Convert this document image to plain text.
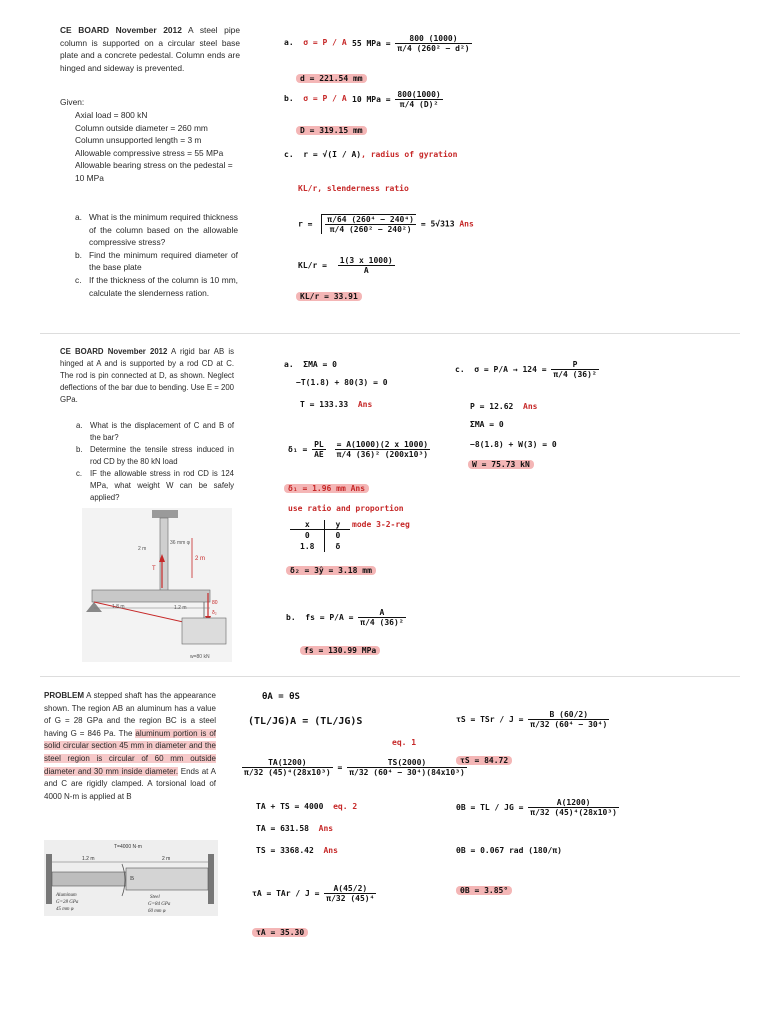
CE BOARD November 2012 A steel pipe column is supported on a circular steel base plate and a concrete pedestal. Column ends are hinged and sideway is prevented.
Given:
Axial load = 800 kN
Column outside diameter = 260 mm
Column unsupported length = 3 m
Allowable compressive stress = 55 MPa
Allowable bearing stress on the pedestal = 10 MPa
a. What is the minimum required thickness of the column based on the allowable compressive stress?
b. Find the minimum required diameter of the base plate
c. If the thickness of the column is 10 mm, calculate the slenderness ration.
a. σ = P / A 55 MPa = $\frac{800 (1000)}{\text{π/4 (260² − d²)}}$
d = 221.54 mm
b. σ = P / A 10 MPa = $\frac{800(1000)}{\text{π/4 (D)²}}$
D = 319.15 mm
c. r = √(I / A), radius of gyration
KL/r, slenderness ratio
$r = \frac{\text{π/64 (260⁴ − 240⁴)}}{\text{π/4 (260² − 240²)}} = 5√313$ Ans
$KL/r = \frac{1(3 x 1000)}{A}$
KL/r = 33.91
CE BOARD November 2012 A rigid bar AB is hinged at A and is supported by a rod CD at C. The rod is pin connected at D, as shown. Neglect deflections of the bar due to bending. Use E = 200 GPa.
a. What is the displacement of C and B of the bar?
b. Determine the tensile stress induced in rod CD by the 80 kN load
c. IF the allowable stress in rod CD is 124 MPa, what weight W can be safely applied?
1.8 m	1.2 m
2 m
36 mm φ
2 m
T
80
δ₂
w=80 kN
a. ΣMA = 0
−T(1.8) + 80(3) = 0
T = 133.33 Ans
$\delta_1 = \frac{PL}{AE}$
$\frac{= A(1000)(2 x 1000)}{\text{π/4 (36)² (200x10³)}}$
δ₁ = 1.96 mm Ans
use ratio and proportion
mode 3-2-reg
x	y
0	0
1.8	δ
δ₂ = 3ŷ = 3.18 mm
b. fs = $P/A = \frac{A}{\text{π/4 (36)²}}$
fs = 130.99 MPa
c. $\sigma = P/A \to 124 = \frac{P}{\text{π/4 (36)²}}$
P = 12.62 Ans
ΣMA = 0
−8(1.8) + W(3) = 0
W = 75.73 kN
PROBLEM A stepped shaft has the appearance shown. The region AB an aluminum has a value of G = 28 GPa and the region BC is a steel having G = 846 Pa. The aluminum portion is of solid circular section 45 mm in diameter and the steel region is circular of 60 mm outside diameter and 30 mm inside diameter. Ends at A and C are rigidly clamped. A torsional load of 4000 N-m is applied at B
T=4000 N·m
1.2 m	2 m
B
Aluminum
G=28 GPa
45 mm φ
Steel
G=84 GPa
60 mm φ
θA = θS
(TL/JG)A = (TL/JG)S
eq. 1
$\frac{TA(1200)}{\text{π/32 (45)⁴(28x10³)}} = \frac{TS(2000)}{\text{π/32 (60⁴ − 30⁴)(84x10³)}}$
TA + TS = 4000 eq. 2
TA = 631.58 Ans
TS = 3368.42 Ans
τA = TAr / $J = \frac{A(45/2)}{\text{π/32 (45)⁴}}$
τA = 35.30
τS = TSr / $J = \frac{B (60/2)}{\text{π/32 (60⁴ − 30⁴)}}$
τS = 84.72
θB = TL / JG = $\frac{A(1200)}{\text{π/32 (45)⁴(28x10³)}}$
θB = 0.067 rad (180/π)
θB = 3.85°
